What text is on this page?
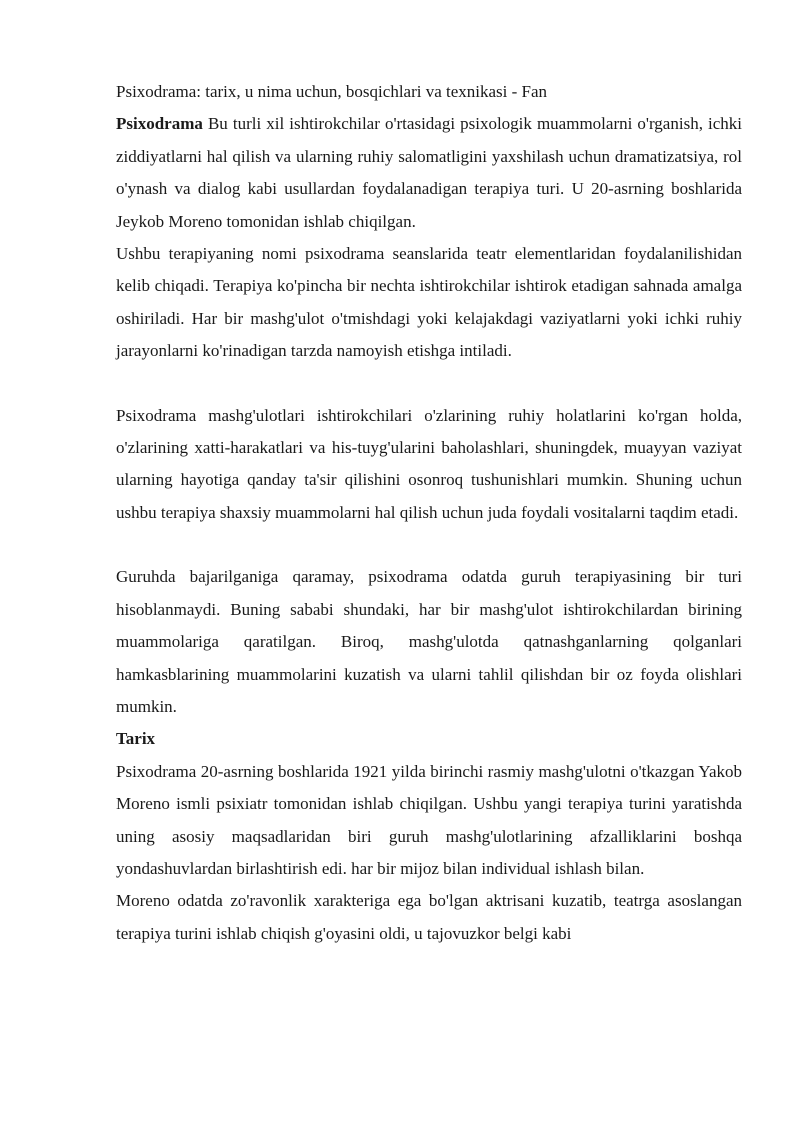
Psixodrama: tarix, u nima uchun, bosqichlari va texnikasi - Fan

Psixodrama Bu turli xil ishtirokchilar o'rtasidagi psixologik muammolarni o'rganish, ichki ziddiyatlarni hal qilish va ularning ruhiy salomatligini yaxshilash uchun dramatizatsiya, rol o'ynash va dialog kabi usullardan foydalanadigan terapiya turi. U 20-asrning boshlarida Jeykob Moreno tomonidan ishlab chiqilgan.

Ushbu terapiyaning nomi psixodrama seanslarida teatr elementlaridan foydalanilishidan kelib chiqadi. Terapiya ko'pincha bir nechta ishtirokchilar ishtirok etadigan sahnada amalga oshiriladi. Har bir mashg'ulot o'tmishdagi yoki kelajakdagi vaziyatlarni yoki ichki ruhiy jarayonlarni ko'rinadigan tarzda namoyish etishga intiladi.

Psixodrama mashg'ulotlari ishtirokchilari o'zlarining ruhiy holatlarini ko'rgan holda, o'zlarining xatti-harakatlari va his-tuyg'ularini baholashlari, shuningdek, muayyan vaziyat ularning hayotiga qanday ta'sir qilishini osonroq tushunishlari mumkin. Shuning uchun ushbu terapiya shaxsiy muammolarni hal qilish uchun juda foydali vositalarni taqdim etadi.

Guruhda bajarilganiga qaramay, psixodrama odatda guruh terapiyasining bir turi hisoblanmaydi. Buning sababi shundaki, har bir mashg'ulot ishtirokchilardan birining muammolariga qaratilgan. Biroq, mashg'ulotda qatnashganlarning qolganlari hamkasblarining muammolarini kuzatish va ularni tahlil qilishdan bir oz foyda olishlari mumkin.

Tarix

Psixodrama 20-asrning boshlarida 1921 yilda birinchi rasmiy mashg'ulotni o'tkazgan Yakob Moreno ismli psixiatr tomonidan ishlab chiqilgan. Ushbu yangi terapiya turini yaratishda uning asosiy maqsadlaridan biri guruh mashg'ulotlarining afzalliklarini boshqa yondashuvlardan birlashtirish edi. har bir mijoz bilan individual ishlash bilan.

Moreno odatda zo'ravonlik xarakteriga ega bo'lgan aktrisani kuzatib, teatrga asoslangan terapiya turini ishlab chiqish g'oyasini oldi, u tajovuzkor belgi kabi
